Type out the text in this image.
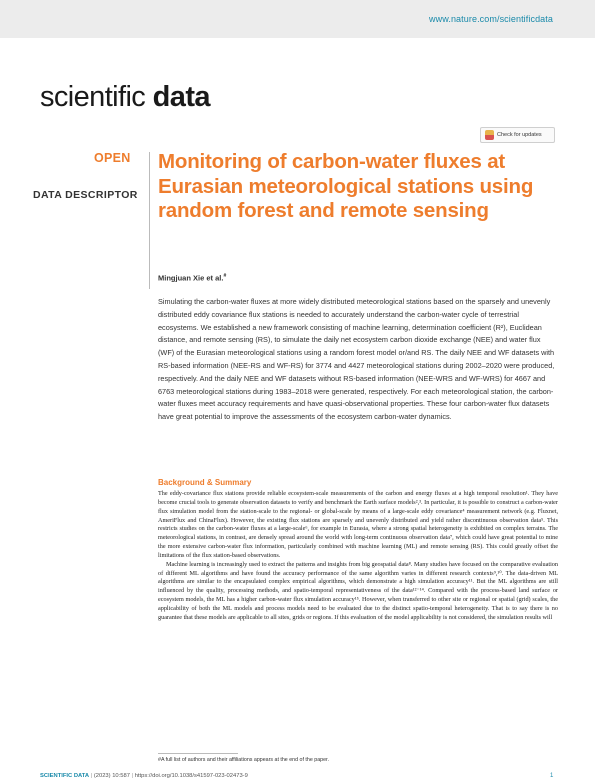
www.nature.com/scientificdata
scientific data
Check for updates
OPEN
DATA DESCRIPTOR
Monitoring of carbon-water fluxes at Eurasian meteorological stations using random forest and remote sensing
Mingjuan Xie et al.#

Simulating the carbon-water fluxes at more widely distributed meteorological stations based on the sparsely and unevenly distributed eddy covariance flux stations is needed to accurately understand the carbon-water cycle of terrestrial ecosystems. We established a new framework consisting of machine learning, determination coefficient (R²), Euclidean distance, and remote sensing (RS), to simulate the daily net ecosystem carbon dioxide exchange (NEE) and water flux (WF) of the Eurasian meteorological stations using a random forest model or/and RS. The daily NEE and WF datasets with RS-based information (NEE-RS and WF-RS) for 3774 and 4427 meteorological stations during 2002–2020 were produced, respectively. And the daily NEE and WF datasets without RS-based information (NEE-WRS and WF-WRS) for 4667 and 6763 meteorological stations during 1983–2018 were generated, respectively. For each meteorological station, the carbon-water fluxes meet accuracy requirements and have quasi-observational properties. These four carbon-water flux datasets have great potential to improve the assessments of the ecosystem carbon-water dynamics.

Background & Summary

The eddy-covariance flux stations provide reliable ecosystem-scale measurements of the carbon and energy fluxes at a high temporal resolution¹. They have become crucial tools to generate observation datasets to verify and benchmark the Earth surface models²,³. In particular, it is possible to construct a carbon-water flux simulation model from the station-scale to the regional- or global-scale by means of a large-scale eddy covariance⁴ measurement network (e.g. Fluxnet, AmeriFlux and ChinaFlux). However, the existing flux stations are sparsely and unevenly distributed and yield rather discontinuous observation data⁵. This restricts studies on the carbon-water fluxes at a large-scale⁶, for example in Eurasia, where a strong spatial heterogeneity is exhibited on complex terrains. The meteorological stations, in contrast, are densely spread around the world with long-term continuous observation data⁷, which could have great potential to mine the more extensive carbon-water flux information, particularly combined with machine learning (ML) and remote sensing (RS). This could greatly offset the limitations of the flux station-based observations.

Machine learning is increasingly used to extract the patterns and insights from big geospatial data⁸. Many studies have focused on the comparative evaluation of different ML algorithms and have found the accuracy performance of the same algorithm varies in different research contexts⁹,¹⁰. The data-driven ML algorithms are similar to the encapsulated complex empirical algorithms, which demonstrate a high simulation accuracy¹¹. But the ML algorithms are still influenced by the quality, processing methods, and spatio-temporal representativeness of the data¹²⁻¹⁴. Compared with the process-based land surface or ecosystem models, the ML has a higher carbon-water flux simulation accuracy¹⁵. However, when transferred to other site or regional or spatial (grid) scales, the applicability of both the ML models and process models need to be evaluated due to the distinct spatio-temporal heterogeneity. That is to say there is no guarantee that these models are applicable to all sites, grids or regions. If this evaluation of the model applicability is not considered, the simulation results will

#A full list of authors and their affiliations appears at the end of the paper.
SCIENTIFIC DATA | (2023) 10:587 | https://doi.org/10.1038/s41597-023-02473-9	1
